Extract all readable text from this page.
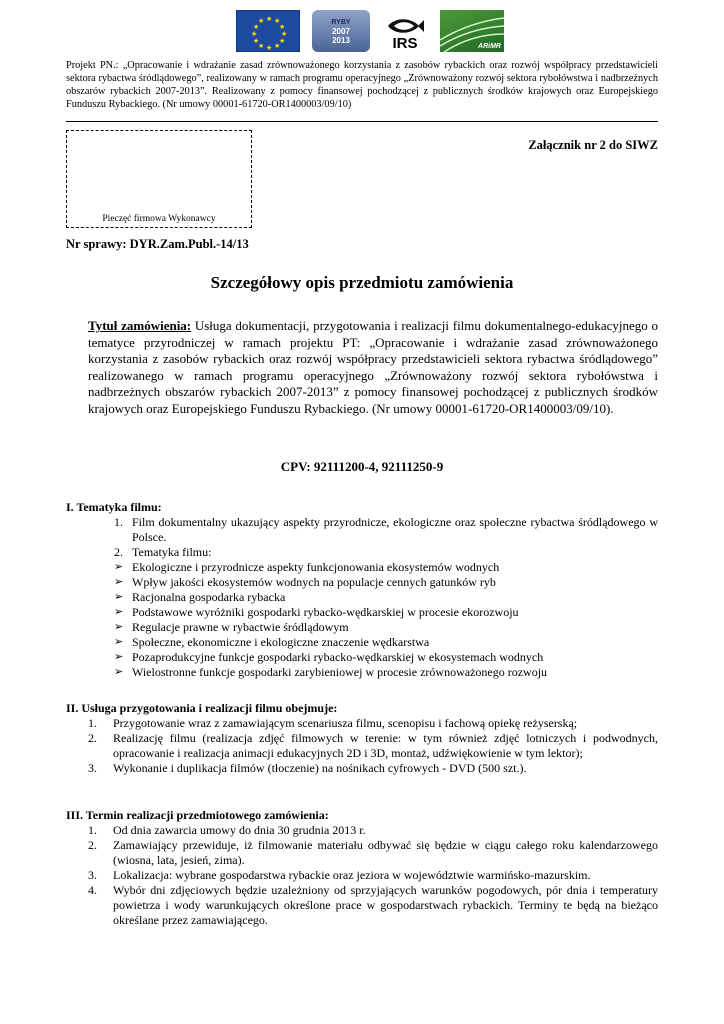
★ ★
★
★
★
★
★
★
★
★
★
★	RYBY
2007
2013	IRS	ARiMR
Projekt PN.: „Opracowanie i wdrażanie zasad zrównoważonego korzystania z zasobów rybackich oraz rozwój współpracy przedstawicieli sektora rybactwa śródlądowego”, realizowany w ramach programu operacyjnego „Zrównoważony rozwój sektora rybołówstwa i nadbrzeżnych obszarów rybackich 2007-2013”. Realizowany z pomocy finansowej pochodzącej z publicznych środków krajowych oraz Europejskiego Funduszu Rybackiego. (Nr umowy 00001-61720-OR1400003/09/10)
Pieczęć firmowa Wykonawcy
Załącznik nr 2 do SIWZ
Nr sprawy: DYR.Zam.Publ.-14/13
Szczegółowy opis przedmiotu zamówienia
Tytuł zamówienia: Usługa dokumentacji, przygotowania i realizacji filmu dokumentalnego-edukacyjnego o tematyce przyrodniczej w ramach projektu PT: „Opracowanie i wdrażanie zasad zrównoważonego korzystania z zasobów rybackich oraz rozwój współpracy przedstawicieli sektora rybactwa śródlądowego” realizowanego w ramach programu operacyjnego „Zrównoważony rozwój sektora rybołówstwa i nadbrzeżnych obszarów rybackich 2007-2013” z pomocy finansowej pochodzącej z publicznych środków krajowych oraz Europejskiego Funduszu Rybackiego. (Nr umowy 00001-61720-OR1400003/09/10).
CPV: 92111200-4, 92111250-9

I. Tematyka filmu:

1. Film dokumentalny ukazujący aspekty przyrodnicze, ekologiczne oraz społeczne rybactwa śródlądowego w Polsce.
2. Tematyka filmu:
➢ Ekologiczne i przyrodnicze aspekty funkcjonowania ekosystemów wodnych
➢ Wpływ jakości ekosystemów wodnych na populacje cennych gatunków ryb
➢ Racjonalna gospodarka rybacka
➢ Podstawowe wyróżniki gospodarki rybacko-wędkarskiej w procesie ekorozwoju
➢ Regulacje prawne w rybactwie śródlądowym
➢ Społeczne, ekonomiczne i ekologiczne znaczenie wędkarstwa
➢ Pozaprodukcyjne funkcje gospodarki rybacko-wędkarskiej w ekosystemach wodnych
➢ Wielostronne funkcje gospodarki zarybieniowej w procesie zrównoważonego rozwoju

II. Usługa przygotowania i realizacji filmu obejmuje:

1. Przygotowanie wraz z zamawiającym scenariusza filmu, scenopisu i fachową opiekę reżyserską;
2. Realizację filmu (realizacja zdjęć filmowych w terenie: w tym również zdjęć lotniczych i podwodnych, opracowanie i realizacja animacji edukacyjnych 2D i 3D, montaż, udźwiękowienie w tym lektor);
3. Wykonanie i duplikacja filmów (tłoczenie) na nośnikach cyfrowych - DVD (500 szt.).

III. Termin realizacji przedmiotowego zamówienia:

1. Od dnia zawarcia umowy do dnia 30 grudnia 2013 r.
2. Zamawiający przewiduje, iż filmowanie materiału odbywać się będzie w ciągu całego roku kalendarzowego (wiosna, lata, jesień, zima).
3. Lokalizacja: wybrane gospodarstwa rybackie oraz jeziora w województwie warmińsko-mazurskim.
4. Wybór dni zdjęciowych będzie uzależniony od sprzyjających warunków pogodowych, pór dnia i temperatury powietrza i wody warunkujących określone prace w gospodarstwach rybackich. Terminy te będą na bieżąco określane przez zamawiającego.
